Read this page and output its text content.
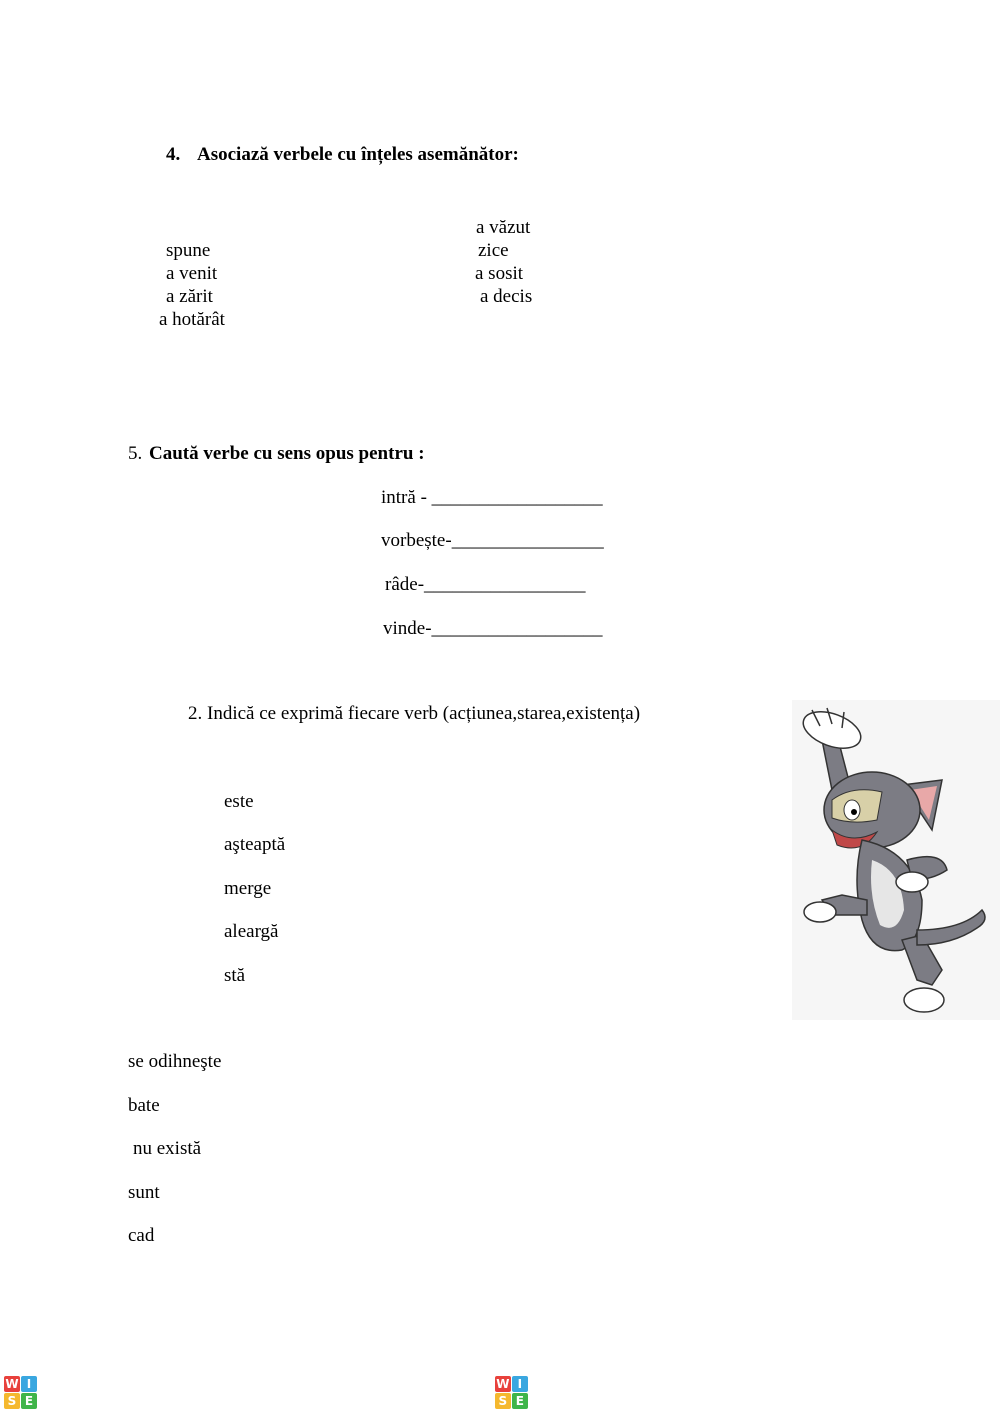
4. Asociază verbele cu înțeles asemănător:
a văzut
spune	zice
a venit	a sosit
a zărit	a decis
a hotărât
5. Caută verbe cu sens opus pentru :
intră - __________________
vorbește-________________
râde-_________________
vinde-__________________
2. Indică ce exprimă fiecare verb (acțiunea,starea,existența)
este
aşteaptă
merge
aleargă
stă
se odihneşte
bate
nu există
sunt
cad
W I
S E WISEWORKSHEETS.COM W I
S E WISEWORKSHEETS.COM
